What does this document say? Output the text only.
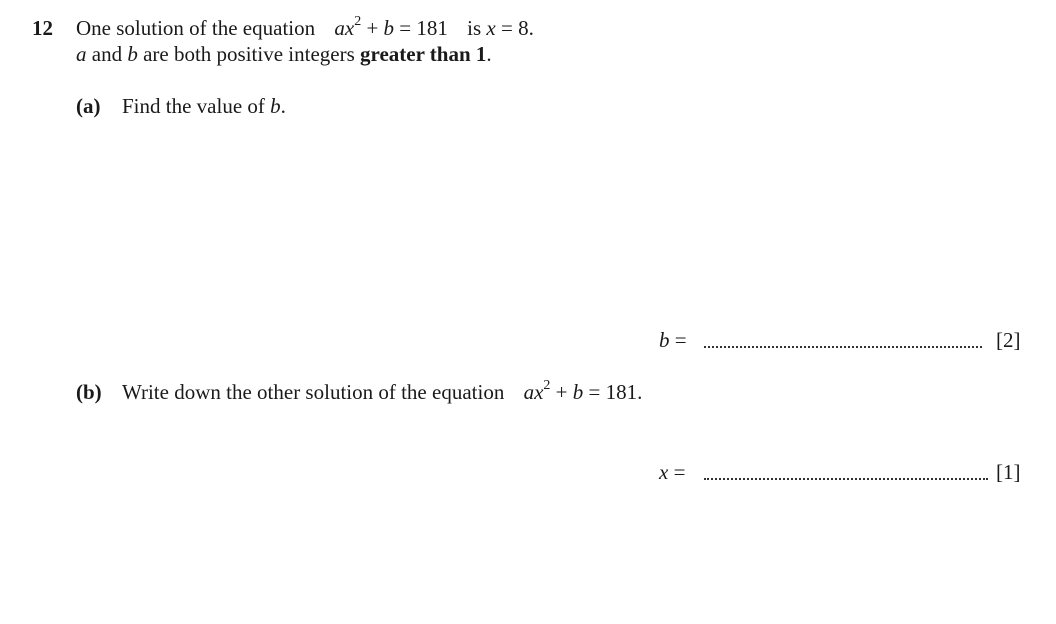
12 One solution of the equation $ax^2 + b = 181$ is x = 8.
a and b are both positive integers greater than 1.
(a) Find the value of b.
b =	[2]
(b) Write down the other solution of the equation $ax^2 + b = 181$.
x =	[1]
